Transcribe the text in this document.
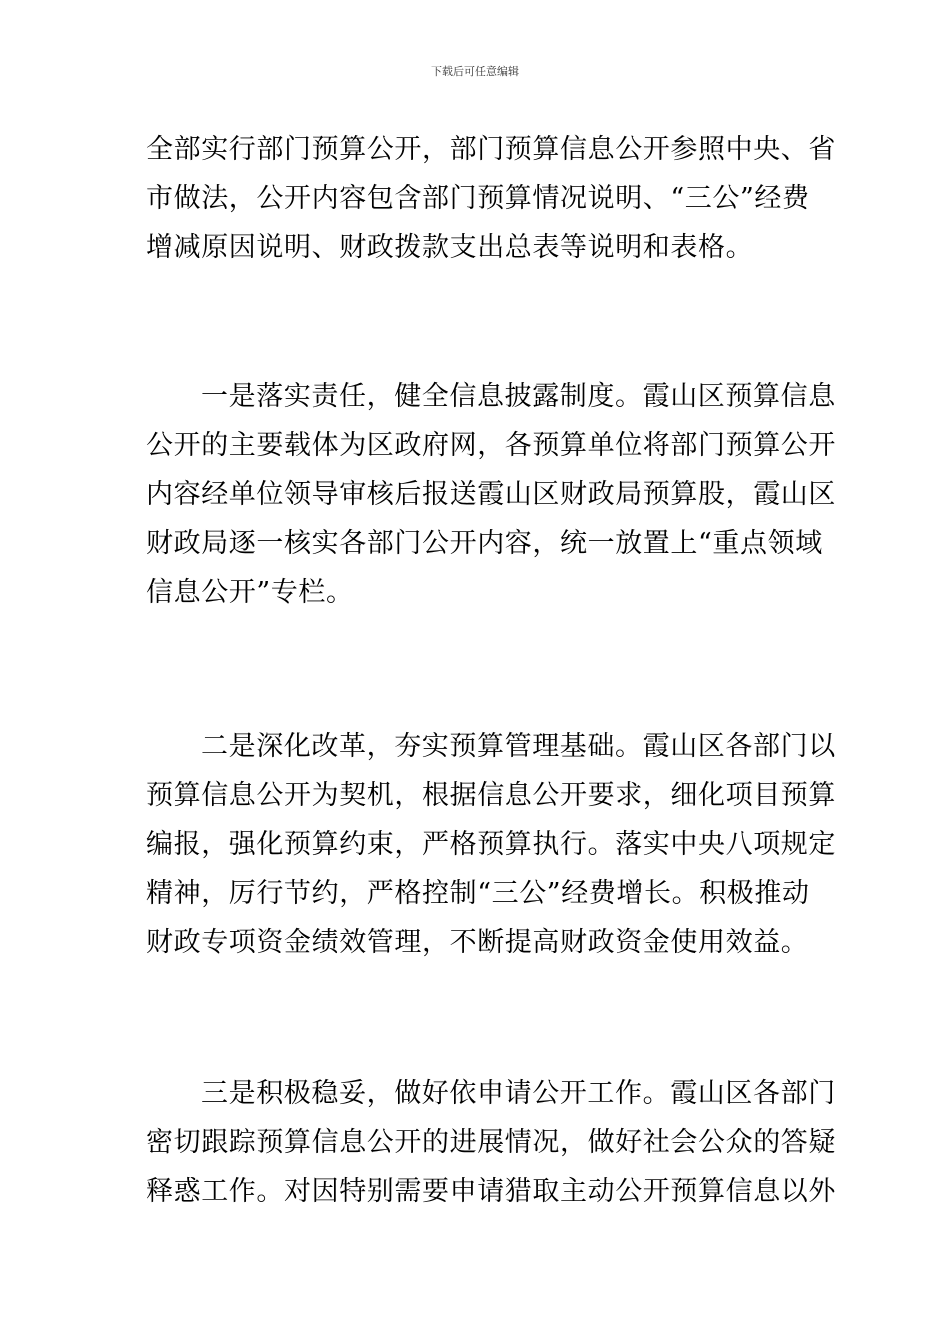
下载后可任意编辑
全部实行部门预算公开，部门预算信息公开参照中央、省
市做法，公开内容包含部门预算情况说明、“三公”经费
增减原因说明、财政拨款支出总表等说明和表格。
一是落实责任，健全信息披露制度。霞山区预算信息
公开的主要载体为区政府网，各预算单位将部门预算公开
内容经单位领导审核后报送霞山区财政局预算股，霞山区
财政局逐一核实各部门公开内容，统一放置上“重点领域
信息公开”专栏。
二是深化改革，夯实预算管理基础。霞山区各部门以
预算信息公开为契机，根据信息公开要求，细化项目预算
编报，强化预算约束，严格预算执行。落实中央八项规定
精神，厉行节约，严格控制“三公”经费增长。积极推动
财政专项资金绩效管理，不断提高财政资金使用效益。
三是积极稳妥，做好依申请公开工作。霞山区各部门
密切跟踪预算信息公开的进展情况，做好社会公众的答疑
释惑工作。对因特别需要申请猎取主动公开预算信息以外
